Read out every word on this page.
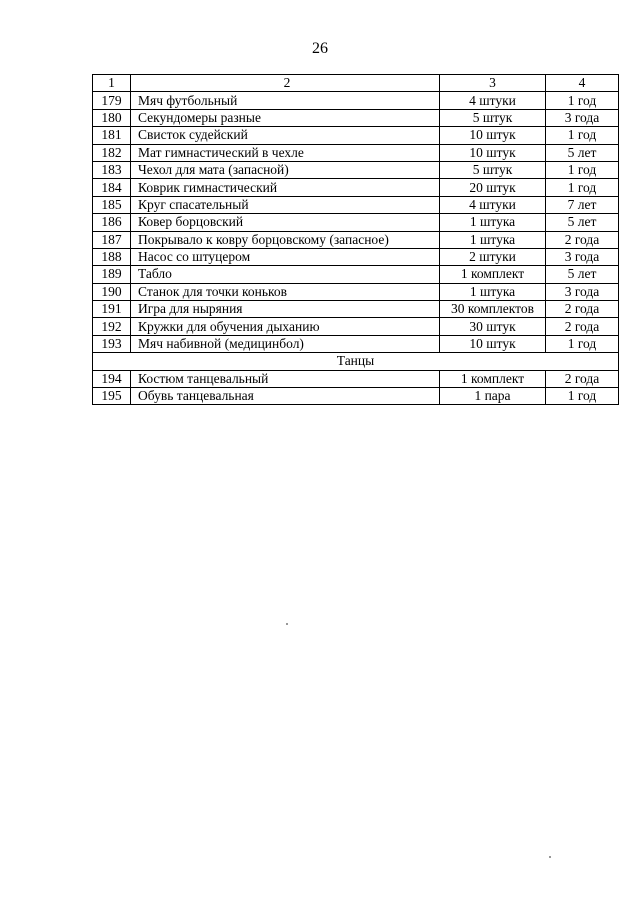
26
1	2	3	4
179	Мяч футбольный	4 штуки	1 год
180	Секундомеры разные	5 штук	3 года
181	Свисток судейский	10 штук	1 год
182	Мат гимнастический в чехле	10 штук	5 лет
183	Чехол для мата (запасной)	5 штук	1 год
184	Коврик гимнастический	20 штук	1 год
185	Круг спасательный	4 штуки	7 лет
186	Ковер борцовский	1 штука	5 лет
187	Покрывало к ковру борцовскому (запасное)	1 штука	2 года
188	Насос со штуцером	2 штуки	3 года
189	Табло	1 комплект	5 лет
190	Станок для точки коньков	1 штука	3 года
191	Игра для ныряния	30 комплектов	2 года
192	Кружки для обучения дыханию	30 штук	2 года
193	Мяч набивной (медицинбол)	10 штук	1 год
Танцы			
194	Костюм танцевальный	1 комплект	2 года
195	Обувь танцевальная	1 пара	1 год
